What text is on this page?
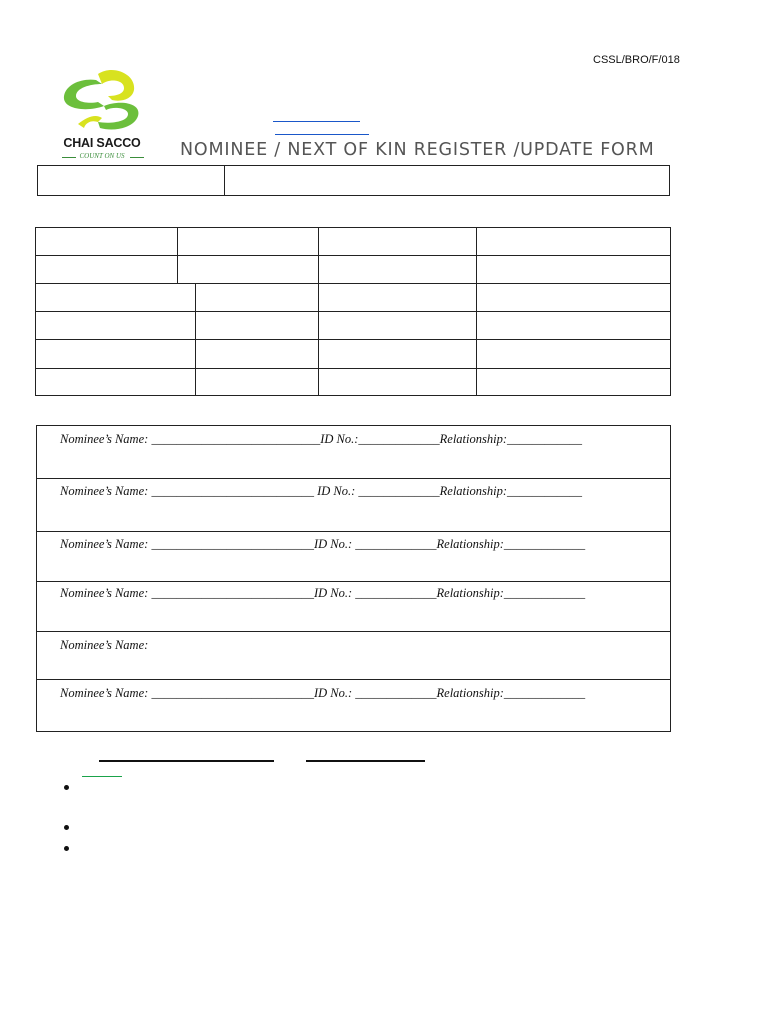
CSSL/BRO/F/018
CHAI SACCO
COUNT ON US	NOMINEE / NEXT OF KIN REGISTER /UPDATE FORM
Nominee’s Name: ___________________________ID No.:_____________Relationship:____________
Nominee’s Name: __________________________ ID No.: _____________Relationship:____________
Nominee’s Name: __________________________ID No.: _____________Relationship:_____________
Nominee’s Name: __________________________ID No.: _____________Relationship:_____________
Nominee’s Name:
Nominee’s Name: __________________________ID No.: _____________Relationship:_____________
